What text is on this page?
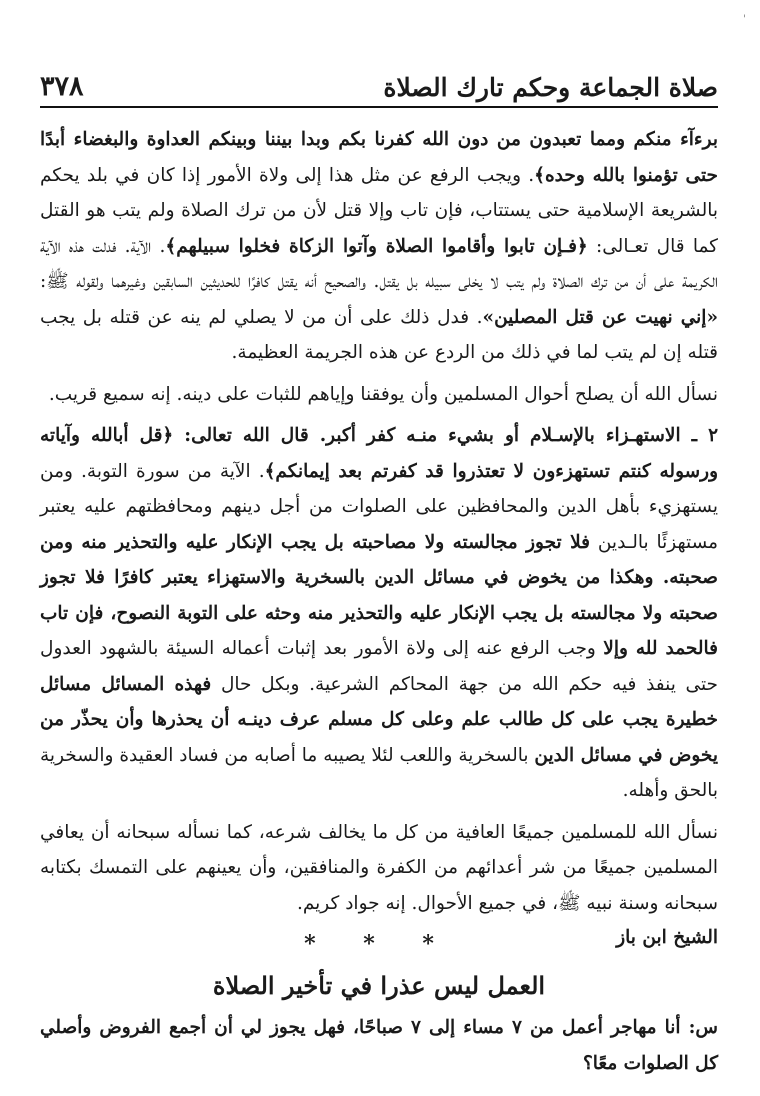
'
صلاة الجماعة وحكم تارك الصلاة
٣٧٨

برءآء منكم ومما تعبدون من دون الله كفرنا بكم وبدا بيننا وبينكم العداوة والبغضاء أبدًا حتى تؤمنوا بالله وحده﴾. ويجب الرفع عن مثل هذا إلى ولاة الأمور إذا كان في بلد يحكم بالشريعة الإسلامية حتى يستتاب، فإن تاب وإلا قتل لأن من ترك الصلاة ولم يتب هو القتل كما قال تعـالى: ﴿فـإن تابوا وأقاموا الصلاة وآتوا الزكاة فخلوا سبيلهم﴾. الآية. فدلت هذه الآية الكريمة على أن من ترك الصلاة ولم يتب لا يخلى سبيله بل يقتل. والصحيح أنه يقتل كافرًا للحديثين السابقين وغيرهما ولقوله ﷺ: «إني نهيت عن قتل المصلين». فدل ذلك على أن من لا يصلي لم ينه عن قتله بل يجب قتله إن لم يتب لما في ذلك من الردع عن هذه الجريمة العظيمة.

نسأل الله أن يصلح أحوال المسلمين وأن يوفقنا وإياهم للثبات على دينه. إنه سميع قريب.

٢ ـ الاستهـزاء بالإسـلام أو بشيء منـه كفر أكبر. قال الله تعالى: ﴿قل أبالله وآياته ورسوله كنتم تستهزءون لا تعتذروا قد كفرتم بعد إيمانكم﴾. الآية من سورة التوبة. ومن يستهزيء بأهل الدين والمحافظين على الصلوات من أجل دينهم ومحافظتهم عليه يعتبر مستهزئًا بالـدين فلا تجوز مجالسته ولا مصاحبته بل يجب الإنكار عليه والتحذير منه ومن صحبته. وهكذا من يخوض في مسائل الدين بالسخرية والاستهزاء يعتبر كافرًا فلا تجوز صحبته ولا مجالسته بل يجب الإنكار عليه والتحذير منه وحثه على التوبة النصوح، فإن تاب فالحمد لله وإلا وجب الرفع عنه إلى ولاة الأمور بعد إثبات أعماله السيئة بالشهود العدول حتى ينفذ فيه حكم الله من جهة المحاكم الشرعية. وبكل حال فهذه المسائل مسائل خطيرة يجب على كل طالب علم وعلى كل مسلم عرف دينـه أن يحذرها وأن يحذّر من يخوض في مسائل الدين بالسخرية واللعب لئلا يصيبه ما أصابه من فساد العقيدة والسخرية بالحق وأهله.

نسأل الله للمسلمين جميعًا العافية من كل ما يخالف شرعه، كما نسأله سبحانه أن يعافي المسلمين جميعًا من شر أعدائهم من الكفرة والمنافقين، وأن يعينهم على التمسك بكتابه سبحانه وسنة نبيه ﷺ، في جميع الأحوال. إنه جواد كريم.

الشيخ ابن باز
* * *
العمل ليس عذرا في تأخير الصلاة

س: أنا مهاجر أعمل من ٧ مساء إلى ٧ صباحًا، فهل يجوز لي أن أجمع الفروض وأصلي كل الصلوات معًا؟
